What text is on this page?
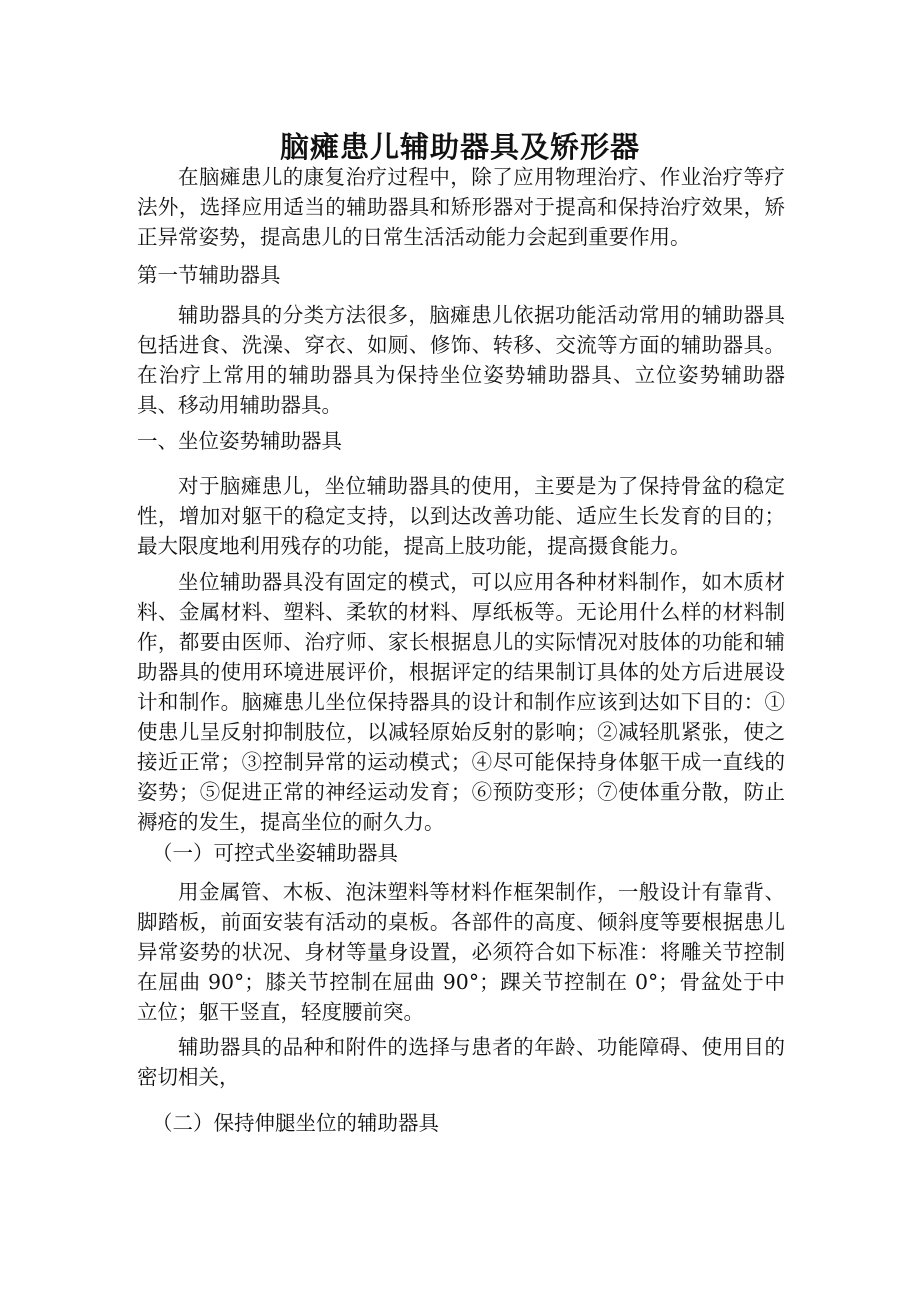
脑瘫患儿辅助器具及矫形器

在脑瘫患儿的康复治疗过程中，除了应用物理治疗、作业治疗等疗法外，选择应用适当的辅助器具和矫形器对于提高和保持治疗效果，矫正异常姿势，提高患儿的日常生活活动能力会起到重要作用。

第一节辅助器具

辅助器具的分类方法很多，脑瘫患儿依据功能活动常用的辅助器具包括进食、洗澡、穿衣、如厕、修饰、转移、交流等方面的辅助器具。在治疗上常用的辅助器具为保持坐位姿势辅助器具、立位姿势辅助器具、移动用辅助器具。

一、坐位姿势辅助器具

对于脑瘫患儿，坐位辅助器具的使用，主要是为了保持骨盆的稳定性，增加对躯干的稳定支持，以到达改善功能、适应生长发育的目的；最大限度地利用残存的功能，提高上肢功能，提高摄食能力。

坐位辅助器具没有固定的模式，可以应用各种材料制作，如木质材料、金属材料、塑料、柔软的材料、厚纸板等。无论用什么样的材料制作，都要由医师、治疗师、家长根据息儿的实际情况对肢体的功能和辅助器具的使用环境进展评价，根据评定的结果制订具体的处方后进展设计和制作。脑瘫患儿坐位保持器具的设计和制作应该到达如下目的：①使患儿呈反射抑制肢位，以减轻原始反射的影响；②减轻肌紧张，使之接近正常；③控制异常的运动模式；④尽可能保持身体躯干成一直线的姿势；⑤促进正常的神经运动发育；⑥预防变形；⑦使体重分散，防止褥疮的发生，提高坐位的耐久力。

（一）可控式坐姿辅助器具

用金属管、木板、泡沫塑料等材料作框架制作，一般设计有靠背、脚踏板，前面安装有活动的桌板。各部件的高度、倾斜度等要根据患儿异常姿势的状况、身材等量身设置，必须符合如下标准：将雕关节控制在屈曲 90°；膝关节控制在屈曲 90°；踝关节控制在 0°；骨盆处于中立位；躯干竖直，轻度腰前突。

辅助器具的品种和附件的选择与患者的年龄、功能障碍、使用目的密切相关，

（二）保持伸腿坐位的辅助器具
